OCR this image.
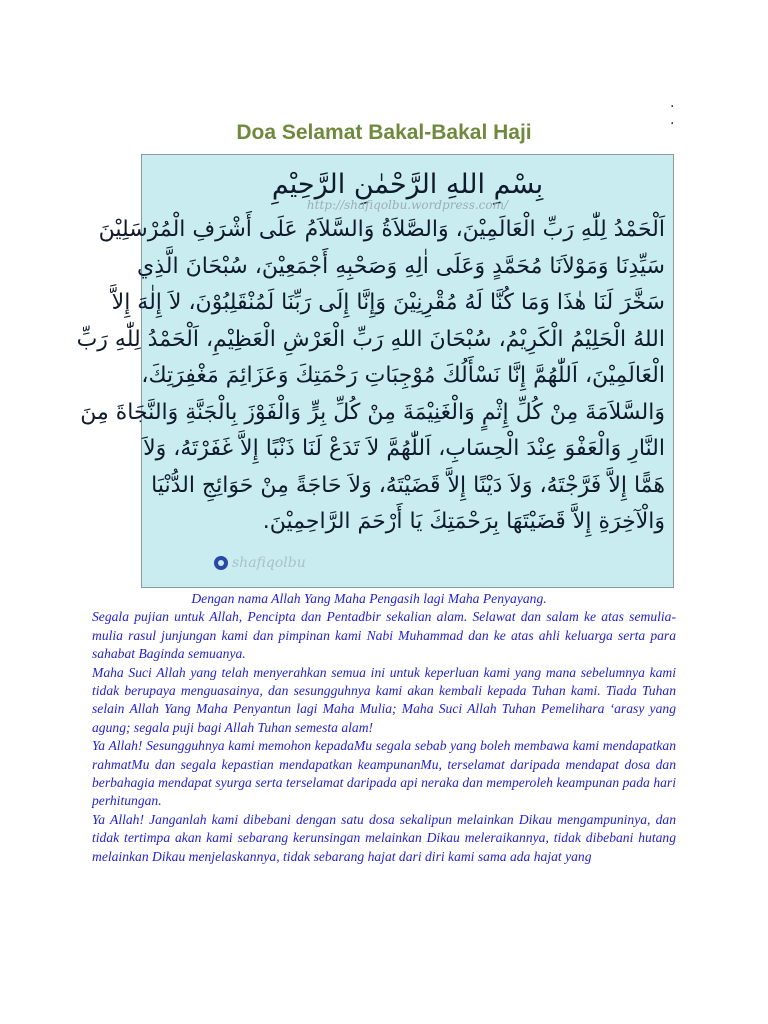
.
.
Doa Selamat Bakal-Bakal Haji

بِسْمِ اللهِ الرَّحْمٰنِ الرَّحِيْمِ

http://shafiqolbu.wordpress.com/

اَلْحَمْدُ لِلّٰهِ رَبِّ الْعَالَمِيْنَ، وَالصَّلاَةُ وَالسَّلاَمُ عَلَى أَشْرَفِ الْمُرْسَلِيْنَ
سَيِّدِنَا وَمَوْلاَنَا مُحَمَّدٍ وَعَلَى اٰلِهِ وَصَحْبِهِ أَجْمَعِيْنَ، سُبْحَانَ الَّذِي
سَخَّرَ لَنَا هٰذَا وَمَا كُنَّا لَهُ مُقْرِنِيْنَ وَإِنَّا إِلَى رَبِّنَا لَمُنْقَلِبُوْنَ، لاَ إِلٰهَ إِلاَّ
اللهُ الْحَلِيْمُ الْكَرِيْمُ، سُبْحَانَ اللهِ رَبِّ الْعَرْشِ الْعَظِيْمِ، اَلْحَمْدُ لِلّٰهِ رَبِّ
الْعَالَمِيْنَ، اَللّٰهُمَّ إِنَّا نَسْأَلُكَ مُوْجِبَاتِ رَحْمَتِكَ وَعَزَائِمَ مَغْفِرَتِكَ،
وَالسَّلاَمَةَ مِنْ كُلِّ إِثْمٍ وَالْغَنِيْمَةَ مِنْ كُلِّ بِرٍّ وَالْفَوْزَ بِالْجَنَّةِ وَالنَّجَاةَ مِنَ
النَّارِ وَالْعَفْوَ عِنْدَ الْحِسَابِ، اَللّٰهُمَّ لاَ تَدَعْ لَنَا ذَنْبًا إِلاَّ غَفَرْتَهُ، وَلاَ
هَمًّا إِلاَّ فَرَّجْتَهُ، وَلاَ دَيْنًا إِلاَّ قَضَيْتَهُ، وَلاَ حَاجَةً مِنْ حَوَائِجِ الدُّنْيَا
وَالْآخِرَةِ إِلاَّ قَضَيْتَهَا بِرَحْمَتِكَ يَا أَرْحَمَ الرَّاحِمِيْنَ.
shafiqolbu

Dengan nama Allah Yang Maha Pengasih lagi Maha Penyayang.

Segala pujian untuk Allah, Pencipta dan Pentadbir sekalian alam. Selawat dan salam ke atas semulia-mulia rasul junjungan kami dan pimpinan kami Nabi Muhammad dan ke atas ahli keluarga serta para sahabat Baginda semuanya.

Maha Suci Allah yang telah menyerahkan semua ini untuk keperluan kami yang mana sebelumnya kami tidak berupaya menguasainya, dan sesungguhnya kami akan kembali kepada Tuhan kami. Tiada Tuhan selain Allah Yang Maha Penyantun lagi Maha Mulia; Maha Suci Allah Tuhan Pemelihara ‘arasy yang agung; segala puji bagi Allah Tuhan semesta alam!

Ya Allah! Sesungguhnya kami memohon kepadaMu segala sebab yang boleh membawa kami mendapatkan rahmatMu dan segala kepastian mendapatkan keampunanMu, terselamat daripada mendapat dosa dan berbahagia mendapat syurga serta terselamat daripada api neraka dan memperoleh keampunan pada hari perhitungan.

Ya Allah! Janganlah kami dibebani dengan satu dosa sekalipun melainkan Dikau mengampuninya, dan tidak tertimpa akan kami sebarang kerunsingan melainkan Dikau meleraikannya, tidak dibebani hutang melainkan Dikau menjelaskannya, tidak sebarang hajat dari diri kami sama ada hajat yang
